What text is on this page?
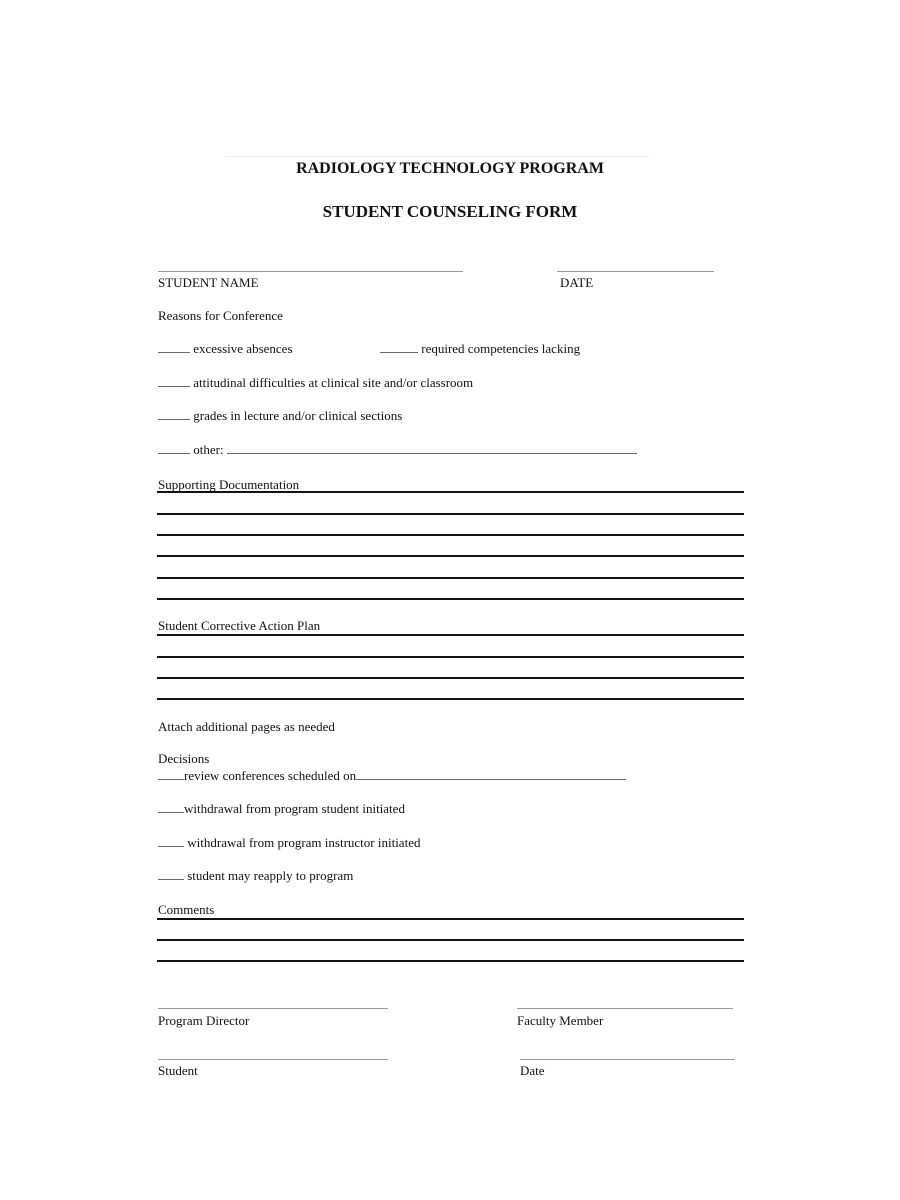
RADIOLOGY TECHNOLOGY PROGRAM
STUDENT COUNSELING FORM
STUDENT NAME	DATE
Reasons for Conference
excessive absences	required competencies lacking
attitudinal difficulties at clinical site and/or classroom
grades in lecture and/or clinical sections
other:
Supporting Documentation
Student Corrective Action Plan
Attach additional pages as needed
Decisions
review conferences scheduled on
withdrawal from program student initiated
withdrawal from program instructor initiated
student may reapply to program
Comments
Program Director	Faculty Member
Student	Date
